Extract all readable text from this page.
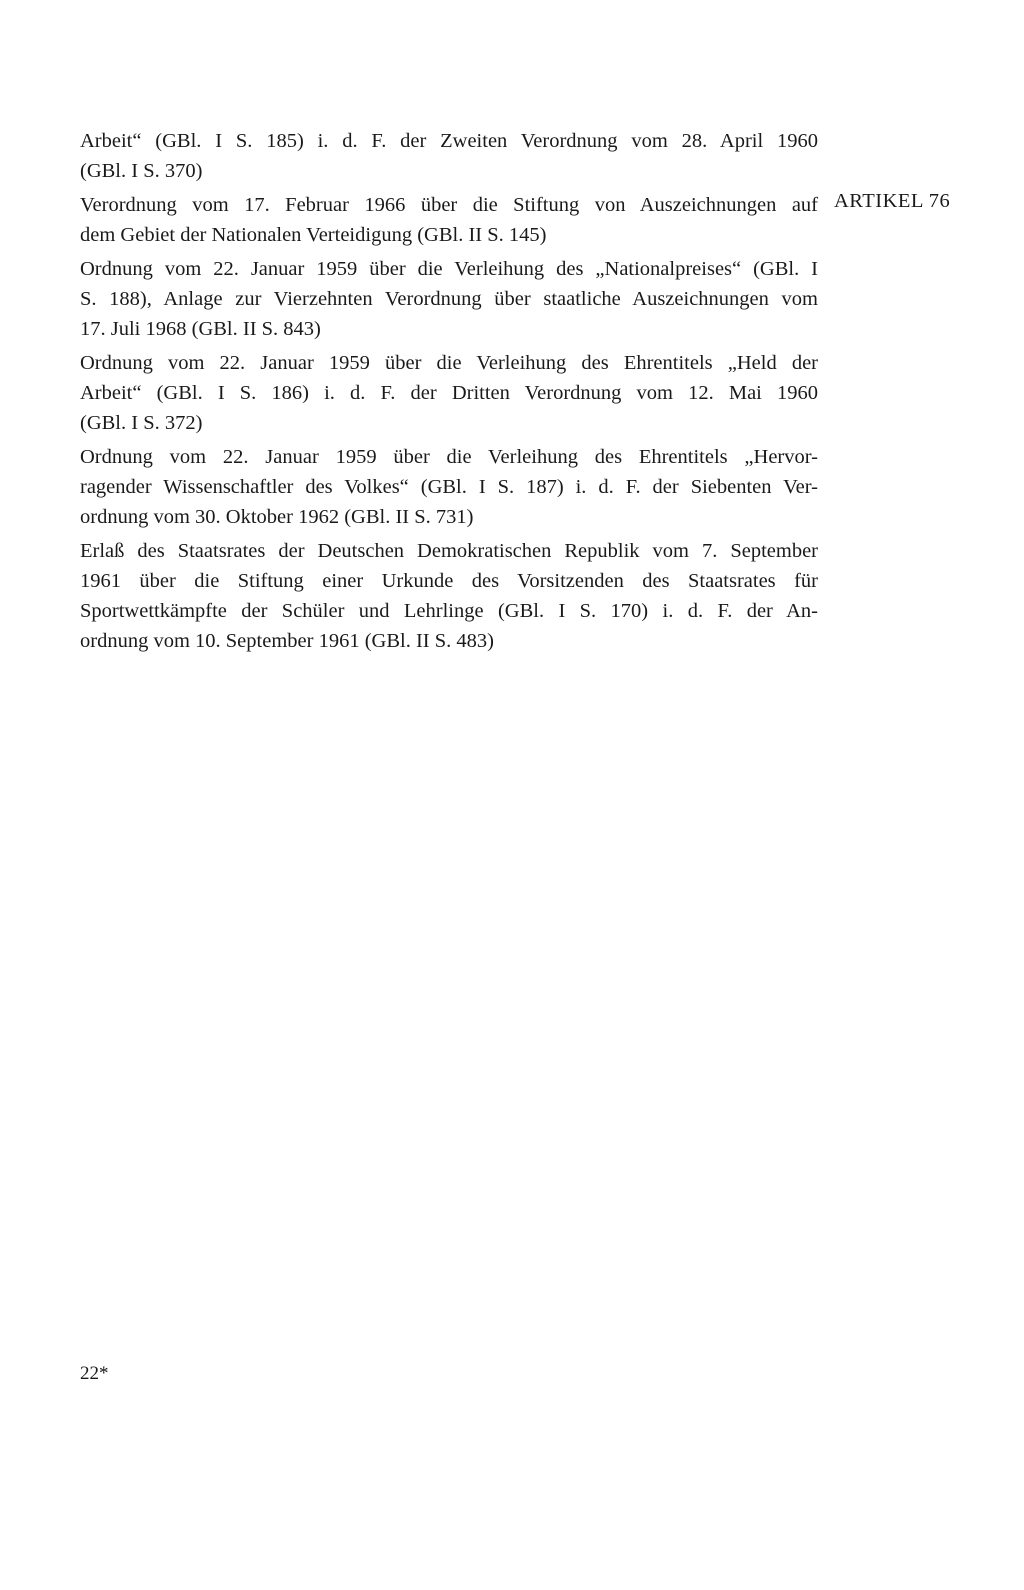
Arbeit“ (GBl. I S. 185) i. d. F. der Zweiten Verordnung vom 28. April 1960
(GBl. I S. 370)

Verordnung vom 17. Februar 1966 über die Stiftung von Auszeichnungen auf
dem Gebiet der Nationalen Verteidigung (GBl. II S. 145)

Ordnung vom 22. Januar 1959 über die Verleihung des „Nationalpreises“ (GBl. I
S. 188), Anlage zur Vierzehnten Verordnung über staatliche Auszeichnungen vom
17. Juli 1968 (GBl. II S. 843)

Ordnung vom 22. Januar 1959 über die Verleihung des Ehrentitels „Held der
Arbeit“ (GBl. I S. 186) i. d. F. der Dritten Verordnung vom 12. Mai 1960
(GBl. I S. 372)

Ordnung vom 22. Januar 1959 über die Verleihung des Ehrentitels „Hervor-
ragender Wissenschaftler des Volkes“ (GBl. I S. 187) i. d. F. der Siebenten Ver-
ordnung vom 30. Oktober 1962 (GBl. II S. 731)

Erlaß des Staatsrates der Deutschen Demokratischen Republik vom 7. September
1961 über die Stiftung einer Urkunde des Vorsitzenden des Staatsrates für
Sportwettkämpfte der Schüler und Lehrlinge (GBl. I S. 170) i. d. F. der An-
ordnung vom 10. September 1961 (GBl. II S. 483)

ARTIKEL 76
22*
